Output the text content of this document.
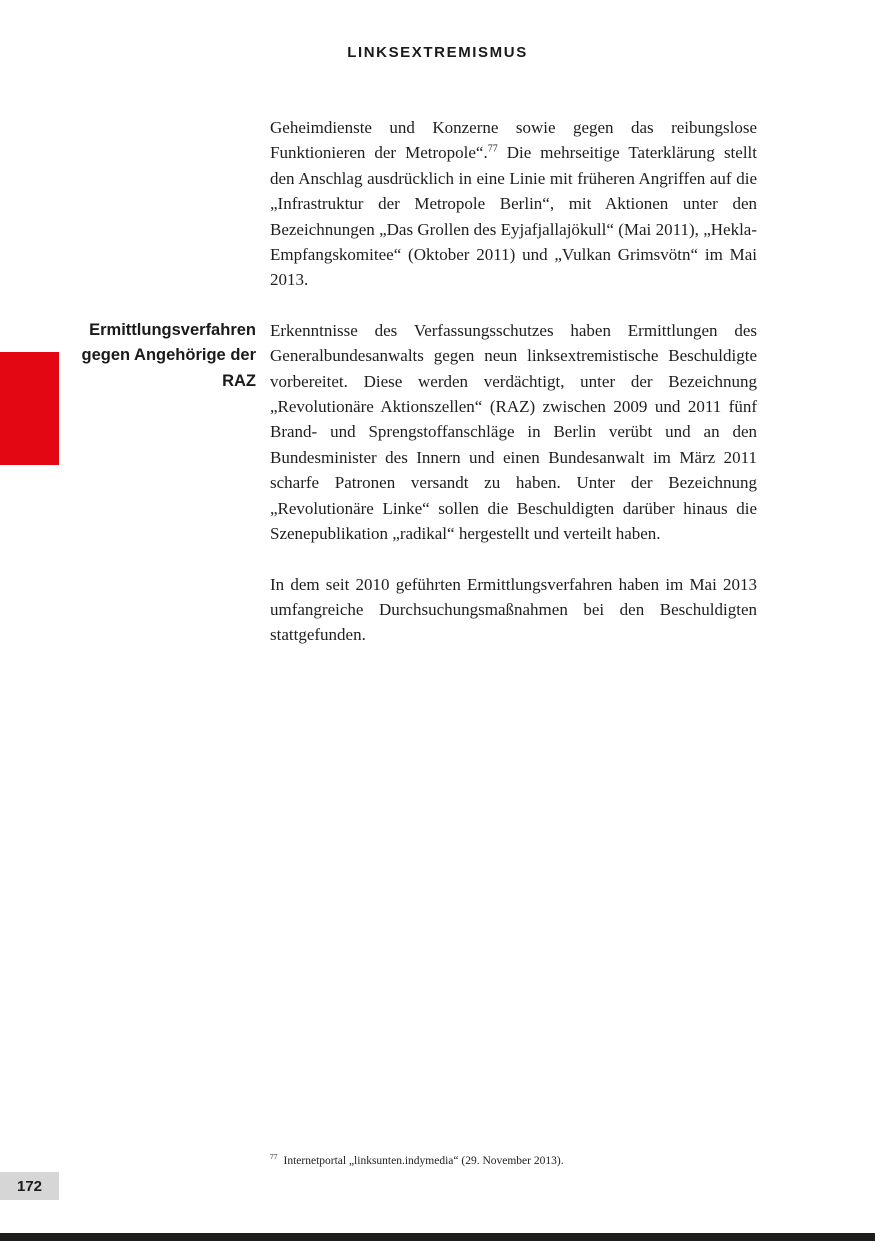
LINKSEXTREMISMUS
Ermittlungsverfahren
gegen Angehörige der
RAZ

Geheimdienste und Konzerne sowie gegen das reibungslose Funktionieren der Metropole“.$^{77}$ Die mehrseitige Taterklärung stellt den Anschlag ausdrücklich in eine Linie mit früheren Angriffen auf die „Infrastruktur der Metropole Berlin“, mit Aktionen unter den Bezeichnungen „Das Grollen des Eyjafjallajökull“ (Mai 2011), „Hekla-Empfangskomitee“ (Oktober 2011) und „Vulkan Grimsvötn“ im Mai 2013.

Erkenntnisse des Verfassungsschutzes haben Ermittlungen des Generalbundesanwalts gegen neun linksextremistische Beschuldigte vorbereitet. Diese werden verdächtigt, unter der Bezeichnung „Revolutionäre Aktionszellen“ (RAZ) zwischen 2009 und 2011 fünf Brand- und Sprengstoffanschläge in Berlin verübt und an den Bundesminister des Innern und einen Bundesanwalt im März 2011 scharfe Patronen versandt zu haben. Unter der Bezeichnung „Revolutionäre Linke“ sollen die Beschuldigten darüber hinaus die Szenepublikation „radikal“ hergestellt und verteilt haben.

In dem seit 2010 geführten Ermittlungsverfahren haben im Mai 2013 umfangreiche Durchsuchungsmaßnahmen bei den Beschuldigten stattgefunden.

$^{77}$ Internetportal „linksunten.indymedia“ (29. November 2013).
172
